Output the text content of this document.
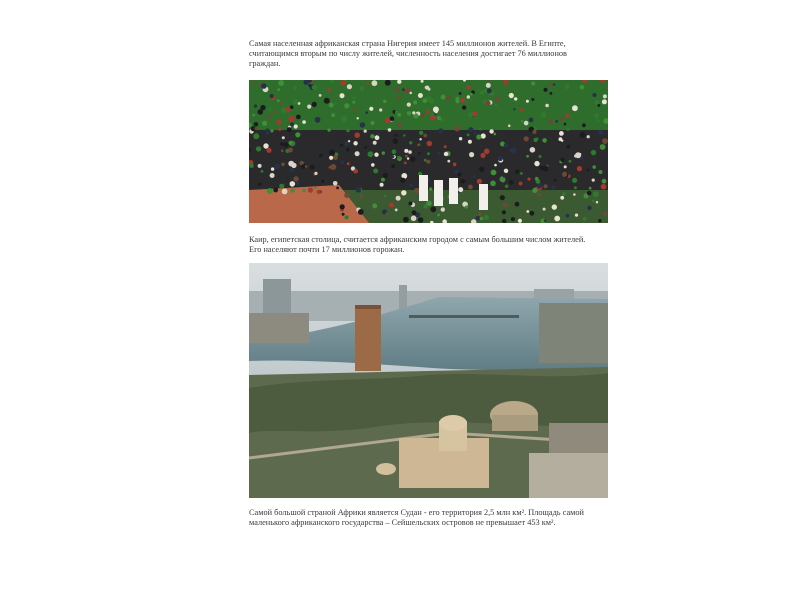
Самая населенная африканская страна Нигерия имеет 145 миллионов жителей. В Египте, считающимся вторым по числу жителей, численность населения достигает 76 миллионов граждан.

Каир, египетская столица, считается африканским городом с самым большим числом жителей. Его населяют почти 17 миллионов горожан.

Самой большой страной Африки является Судан - его территория 2,5 млн км². Площадь самой маленького африканского государства – Сейшельских островов не превышает 453 км².
